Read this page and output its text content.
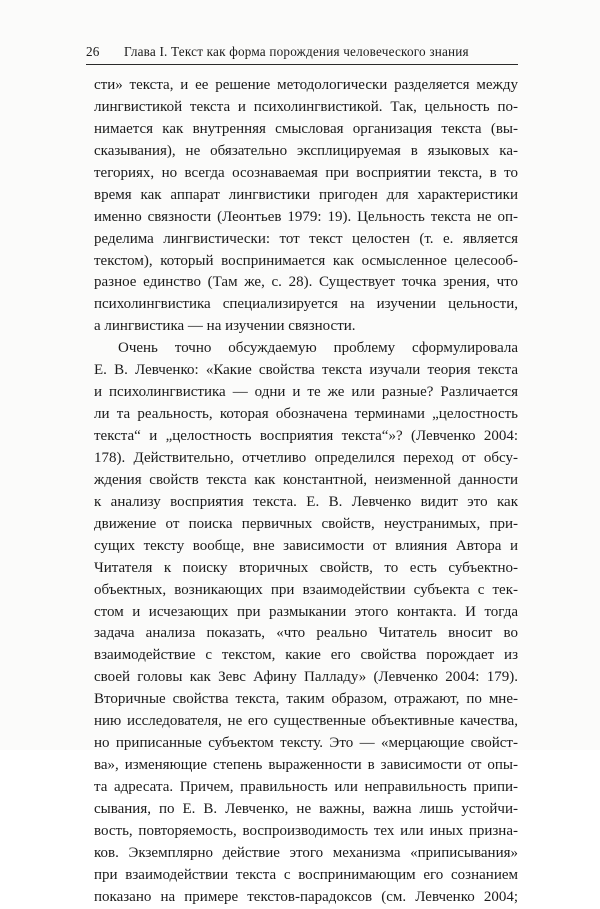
26 Глава I. Текст как форма порождения человеческого знания
сти» текста, и ее решение методологически разделяется между
лингвистикой текста и психолингвистикой. Так, цельность по-
нимается как внутренняя смысловая организация текста (вы-
сказывания), не обязательно эксплицируемая в языковых ка-
тегориях, но всегда осознаваемая при восприятии текста, в то
время как аппарат лингвистики пригоден для характеристики
именно связности (Леонтьев 1979: 19). Цельность текста не оп-
ределима лингвистически: тот текст целостен (т. е. является
текстом), который воспринимается как осмысленное целесооб-
разное единство (Там же, с. 28). Существует точка зрения, что
психолингвистика специализируется на изучении цельности,
а лингвистика — на изучении связности.
Очень точно обсуждаемую проблему сформулировала
Е. В. Левченко: «Какие свойства текста изучали теория текста
и психолингвистика — одни и те же или разные? Различается
ли та реальность, которая обозначена терминами „целостность
текста“ и „целостность восприятия текста“»? (Левченко 2004:
178). Действительно, отчетливо определился переход от обсу-
ждения свойств текста как константной, неизменной данности
к анализу восприятия текста. Е. В. Левченко видит это как
движение от поиска первичных свойств, неустранимых, при-
сущих тексту вообще, вне зависимости от влияния Автора и
Читателя к поиску вторичных свойств, то есть субъектно-
объектных, возникающих при взаимодействии субъекта с тек-
стом и исчезающих при размыкании этого контакта. И тогда
задача анализа показать, «что реально Читатель вносит во
взаимодействие с текстом, какие его свойства порождает из
своей головы как Зевс Афину Палладу» (Левченко 2004: 179).
Вторичные свойства текста, таким образом, отражают, по мне-
нию исследователя, не его существенные объективные качества,
но приписанные субъектом тексту. Это — «мерцающие свойст-
ва», изменяющие степень выраженности в зависимости от опы-
та адресата. Причем, правильность или неправильность припи-
сывания, по Е. В. Левченко, не важны, важна лишь устойчи-
вость, повторяемость, воспроизводимость тех или иных призна-
ков. Экземплярно действие этого механизма «приписывания»
при взаимодействии текста с воспринимающим его сознанием
показано на примере текстов-парадоксов (см. Левченко 2004;
